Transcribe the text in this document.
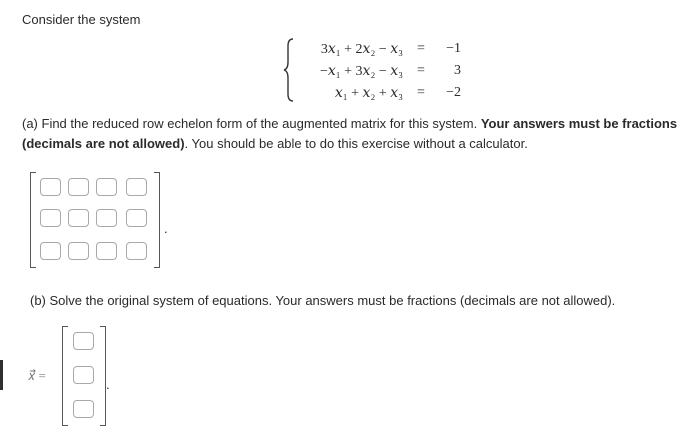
Consider the system
3𝑥₁ + 2𝑥₂ − 𝑥₃ =	−1
−𝑥₁ + 3𝑥₂ − 𝑥₃ =	3
𝑥₁ + 𝑥₂ + 𝑥₃ =	−2
(a) Find the reduced row echelon form of the augmented matrix for this system. Your answers must be fractions
(decimals are not allowed). You should be able to do this exercise without a calculator.
.
(b) Solve the original system of equations. Your answers must be fractions (decimals are not allowed).
𝑥⃗ =
.
